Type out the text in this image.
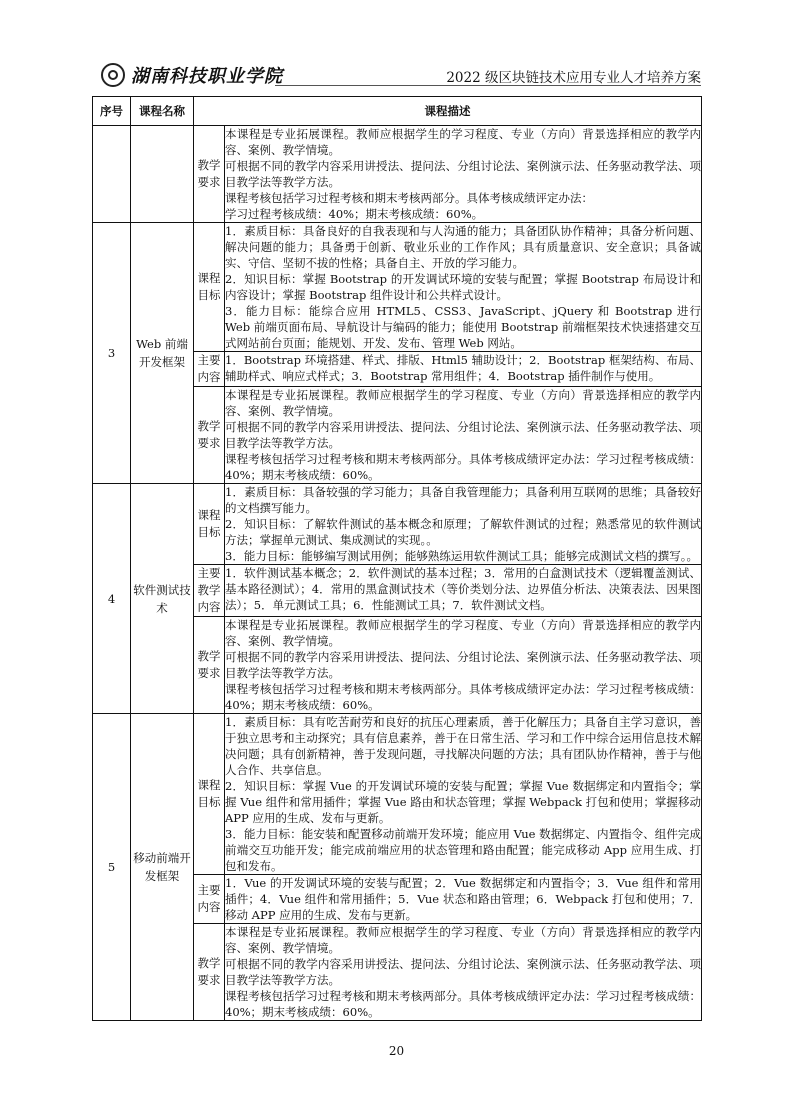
湖南科技职业学院	2022 级区块链技术应用专业人才培养方案
序号	课程名称	课程描述	
		教学要求	本课程是专业拓展课程。教师应根据学生的学习程度、专业（方向）背景选择相应的教学内容、案例、教学情境。

可根据不同的教学内容采用讲授法、提问法、分组讨论法、案例演示法、任务驱动教学法、项目教学法等教学方法。

课程考核包括学习过程考核和期末考核两部分。具体考核成绩评定办法：

学习过程考核成绩：40%；期末考核成绩：60%。

3	Web 前端开发框架	课程目标	1．素质目标：具备良好的自我表现和与人沟通的能力；具备团队协作精神；具备分析问题、解决问题的能力；具备勇于创新、敬业乐业的工作作风；具有质量意识、安全意识；具备诚实、守信、坚韧不拔的性格；具备自主、开放的学习能力。

2．知识目标：掌握 Bootstrap 的开发调试环境的安装与配置；掌握 Bootstrap 布局设计和内容设计；掌握 Bootstrap 组件设计和公共样式设计。

3．能力目标：能综合应用 HTML5、CSS3、JavaScript、jQuery 和 Bootstrap 进行 Web 前端页面布局、导航设计与编码的能力；能使用 Bootstrap 前端框架技术快速搭建交互式网站前台页面；能规划、开发、发布、管理 Web 网站。

		主要内容	1．Bootstrap 环境搭建、样式、排版、Html5 辅助设计；2．Bootstrap 框架结构、布局、辅助样式、响应式样式；3．Bootstrap 常用组件；4．Bootstrap 插件制作与使用。

		教学要求	本课程是专业拓展课程。教师应根据学生的学习程度、专业（方向）背景选择相应的教学内容、案例、教学情境。

可根据不同的教学内容采用讲授法、提问法、分组讨论法、案例演示法、任务驱动教学法、项目教学法等教学方法。

课程考核包括学习过程考核和期末考核两部分。具体考核成绩评定办法：学习过程考核成绩：40%；期末考核成绩：60%。

4	软件测试技术	课程目标	1．素质目标：具备较强的学习能力；具备自我管理能力；具备利用互联网的思维；具备较好的文档撰写能力。

2．知识目标：了解软件测试的基本概念和原理；了解软件测试的过程；熟悉常见的软件测试方法；掌握单元测试、集成测试的实现。。

3．能力目标：能够编写测试用例；能够熟练运用软件测试工具；能够完成测试文档的撰写。。

		主要教学内容	1．软件测试基本概念；2．软件测试的基本过程；3．常用的白盒测试技术（逻辑覆盖测试、基本路径测试）；4．常用的黑盒测试技术（等价类划分法、边界值分析法、决策表法、因果图法）；5．单元测试工具；6．性能测试工具；7．软件测试文档。

		教学要求	本课程是专业拓展课程。教师应根据学生的学习程度、专业（方向）背景选择相应的教学内容、案例、教学情境。

可根据不同的教学内容采用讲授法、提问法、分组讨论法、案例演示法、任务驱动教学法、项目教学法等教学方法。

课程考核包括学习过程考核和期末考核两部分。具体考核成绩评定办法：学习过程考核成绩：40%；期末考核成绩：60%。

5	移动前端开发框架	课程目标	1．素质目标：具有吃苦耐劳和良好的抗压心理素质，善于化解压力；具备自主学习意识，善于独立思考和主动探究；具有信息素养，善于在日常生活、学习和工作中综合运用信息技术解决问题；具有创新精神，善于发现问题，寻找解决问题的方法；具有团队协作精神，善于与他人合作、共享信息。

2．知识目标：掌握 Vue 的开发调试环境的安装与配置；掌握 Vue 数据绑定和内置指令；掌握 Vue 组件和常用插件；掌握 Vue 路由和状态管理；掌握 Webpack 打包和使用；掌握移动 APP 应用的生成、发布与更新。

3．能力目标：能安装和配置移动前端开发环境；能应用 Vue 数据绑定、内置指令、组件完成前端交互功能开发；能完成前端应用的状态管理和路由配置；能完成移动 App 应用生成、打包和发布。

		主要内容	1．Vue 的开发调试环境的安装与配置；2．Vue 数据绑定和内置指令；3．Vue 组件和常用插件；4．Vue 组件和常用插件；5．Vue 状态和路由管理；6．Webpack 打包和使用；7．移动 APP 应用的生成、发布与更新。

		教学要求	本课程是专业拓展课程。教师应根据学生的学习程度、专业（方向）背景选择相应的教学内容、案例、教学情境。

可根据不同的教学内容采用讲授法、提问法、分组讨论法、案例演示法、任务驱动教学法、项目教学法等教学方法。

课程考核包括学习过程考核和期末考核两部分。具体考核成绩评定办法：学习过程考核成绩：40%；期末考核成绩：60%。

20
